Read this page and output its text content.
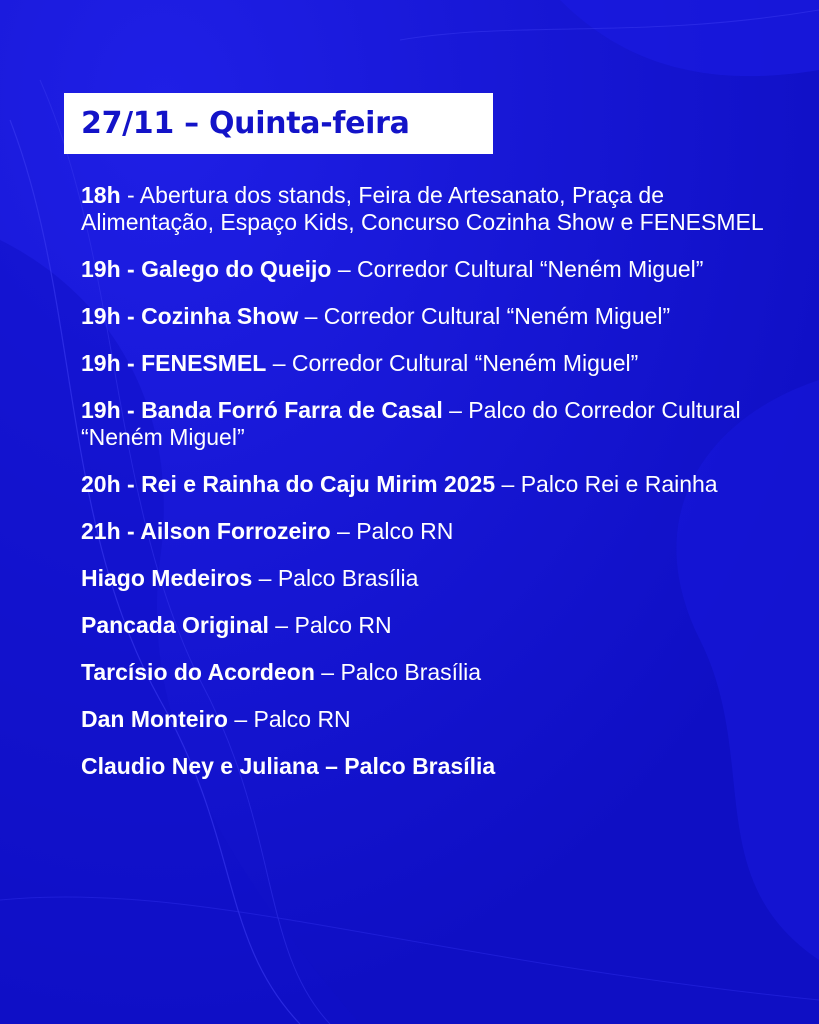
27/11 – Quinta-feira
18h - Abertura dos stands, Feira de Artesanato, Praça de Alimentação, Espaço Kids, Concurso Cozinha Show e FENESMEL
19h - Galego do Queijo – Corredor Cultural “Neném Miguel”
19h - Cozinha Show – Corredor Cultural “Neném Miguel”
19h - FENESMEL – Corredor Cultural “Neném Miguel”
19h - Banda Forró Farra de Casal – Palco do Corredor Cultural “Neném Miguel”
20h - Rei e Rainha do Caju Mirim 2025 – Palco Rei e Rainha
21h - Ailson Forrozeiro – Palco RN
Hiago Medeiros – Palco Brasília
Pancada Original – Palco RN
Tarcísio do Acordeon – Palco Brasília
Dan Monteiro – Palco RN
Claudio Ney e Juliana – Palco Brasília
